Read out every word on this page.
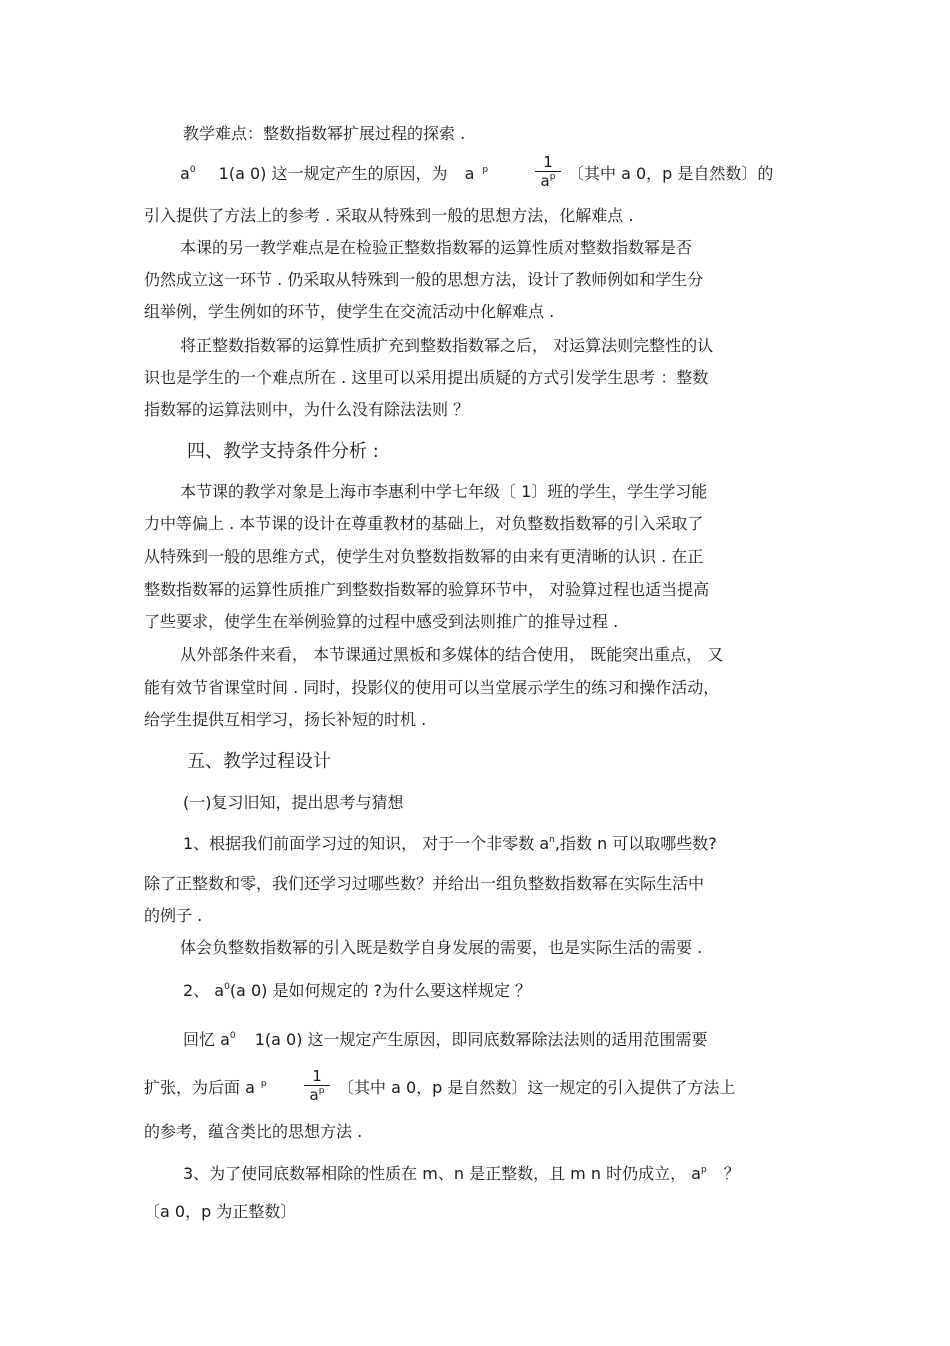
教学难点：整数指数幂扩展过程的探索 .
$a^0$ 1(a 0) 这一规定产生的原因，为 a $^p$	1
$a^p$ 〔其中 a 0，p 是自然数〕的
引入提供了方法上的参考 . 采取从特殊到一般的思想方法，化解难点 .
本课的另一教学难点是在检验正整数指数幂的运算性质对整数指数幂是否
仍然成立这一环节 . 仍采取从特殊到一般的思想方法，设计了教师例如和学生分
组举例，学生例如的环节，使学生在交流活动中化解难点 .
将正整数指数幂的运算性质扩充到整数指数幂之后， 对运算法则完整性的认
识也是学生的一个难点所在 . 这里可以采用提出质疑的方式引发学生思考 ：整数
指数幂的运算法则中，为什么没有除法法则 ？
四、教学支持条件分析 :
本节课的教学对象是上海市李惠利中学七年级〔 1〕班的学生，学生学习能
力中等偏上 . 本节课的设计在尊重教材的基础上，对负整数指数幂的引入采取了
从特殊到一般的思维方式，使学生对负整数指数幂的由来有更清晰的认识 . 在正
整数指数幂的运算性质推广到整数指数幂的验算环节中， 对验算过程也适当提高
了些要求，使学生在举例验算的过程中感受到法则推广的推导过程 .
从外部条件来看， 本节课通过黑板和多媒体的结合使用， 既能突出重点， 又
能有效节省课堂时间 . 同时，投影仪的使用可以当堂展示学生的练习和操作活动，
给学生提供互相学习，扬长补短的时机 .
五、教学过程设计
(一)复习旧知，提出思考与猜想
1、根据我们前面学习过的知识， 对于一个非零数 $a^n$,指数 n 可以取哪些数?
除了正整数和零，我们还学习过哪些数？并给出一组负整数指数幂在实际生活中
的例子 .
体会负整数指数幂的引入既是数学自身发展的需要，也是实际生活的需要 .
2、 $a^0(a$ 0) 是如何规定的 ?为什么要这样规定 ？
回忆 $a^0$ 1(a 0) 这一规定产生原因，即同底数幂除法法则的适用范围需要
扩张，为后面 a $^p$	1
$a^p$ 〔其中 a 0，p 是自然数〕这一规定的引入提供了方法上
的参考，蕴含类比的思想方法 .
3、为了使同底数幂相除的性质在 m、n 是正整数，且 m n 时仍成立， $a^p$ ？
〔a 0，p 为正整数〕
